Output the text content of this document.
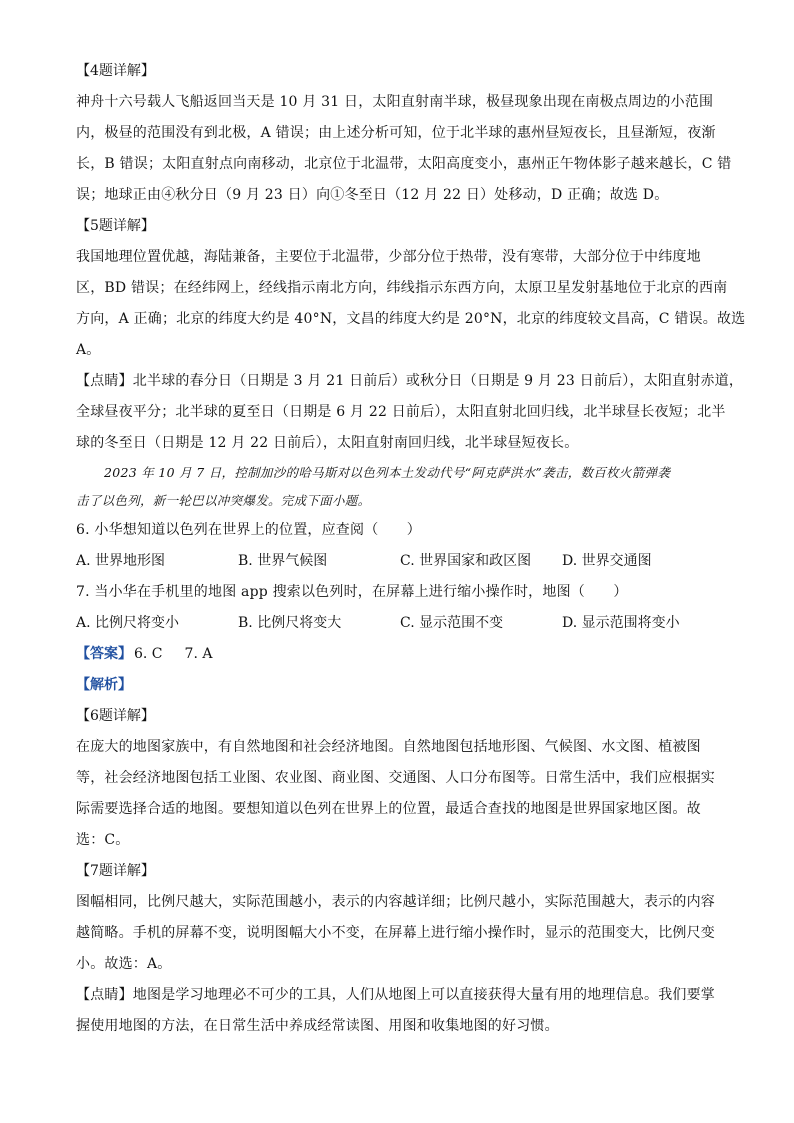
【4题详解】
神舟十六号载人飞船返回当天是 10 月 31 日，太阳直射南半球，极昼现象出现在南极点周边的小范围
内，极昼的范围没有到北极，A 错误；由上述分析可知，位于北半球的惠州昼短夜长，且昼渐短，夜渐
长，B 错误；太阳直射点向南移动，北京位于北温带，太阳高度变小，惠州正午物体影子越来越长，C 错
误；地球正由④秋分日（9 月 23 日）向①冬至日（12 月 22 日）处移动，D 正确；故选 D。
【5题详解】
我国地理位置优越，海陆兼备，主要位于北温带，少部分位于热带，没有寒带，大部分位于中纬度地
区，BD 错误；在经纬网上，经线指示南北方向，纬线指示东西方向，太原卫星发射基地位于北京的西南
方向，A 正确；北京的纬度大约是 40°N，文昌的纬度大约是 20°N，北京的纬度较文昌高，C 错误。故选
A。
【点睛】北半球的春分日（日期是 3 月 21 日前后）或秋分日（日期是 9 月 23 日前后），太阳直射赤道，
全球昼夜平分；北半球的夏至日（日期是 6 月 22 日前后），太阳直射北回归线，北半球昼长夜短；北半
球的冬至日（日期是 12 月 22 日前后），太阳直射南回归线，北半球昼短夜长。
2023 年 10 月 7 日，控制加沙的哈马斯对以色列本土发动代号“阿克萨洪水”袭击，数百枚火箭弹袭
击了以色列，新一轮巴以冲突爆发。完成下面小题。
6. 小华想知道以色列在世界上的位置，应查阅（　　）
A. 世界地形图	B. 世界气候图	C. 世界国家和政区图	D. 世界交通图
7. 当小华在手机里的地图 app 搜索以色列时，在屏幕上进行缩小操作时，地图（　　）
A. 比例尺将变小	B. 比例尺将变大	C. 显示范围不变	D. 显示范围将变小
【答案】 6. C 7. A
【解析】
【6题详解】
在庞大的地图家族中，有自然地图和社会经济地图。自然地图包括地形图、气候图、水文图、植被图
等，社会经济地图包括工业图、农业图、商业图、交通图、人口分布图等。日常生活中，我们应根据实
际需要选择合适的地图。要想知道以色列在世界上的位置，最适合查找的地图是世界国家地区图。故
选：C。
【7题详解】
图幅相同，比例尺越大，实际范围越小，表示的内容越详细；比例尺越小，实际范围越大，表示的内容
越简略。手机的屏幕不变，说明图幅大小不变，在屏幕上进行缩小操作时，显示的范围变大，比例尺变
小。故选：A。
【点睛】地图是学习地理必不可少的工具，人们从地图上可以直接获得大量有用的地理信息。我们要掌
握使用地图的方法，在日常生活中养成经常读图、用图和收集地图的好习惯。
